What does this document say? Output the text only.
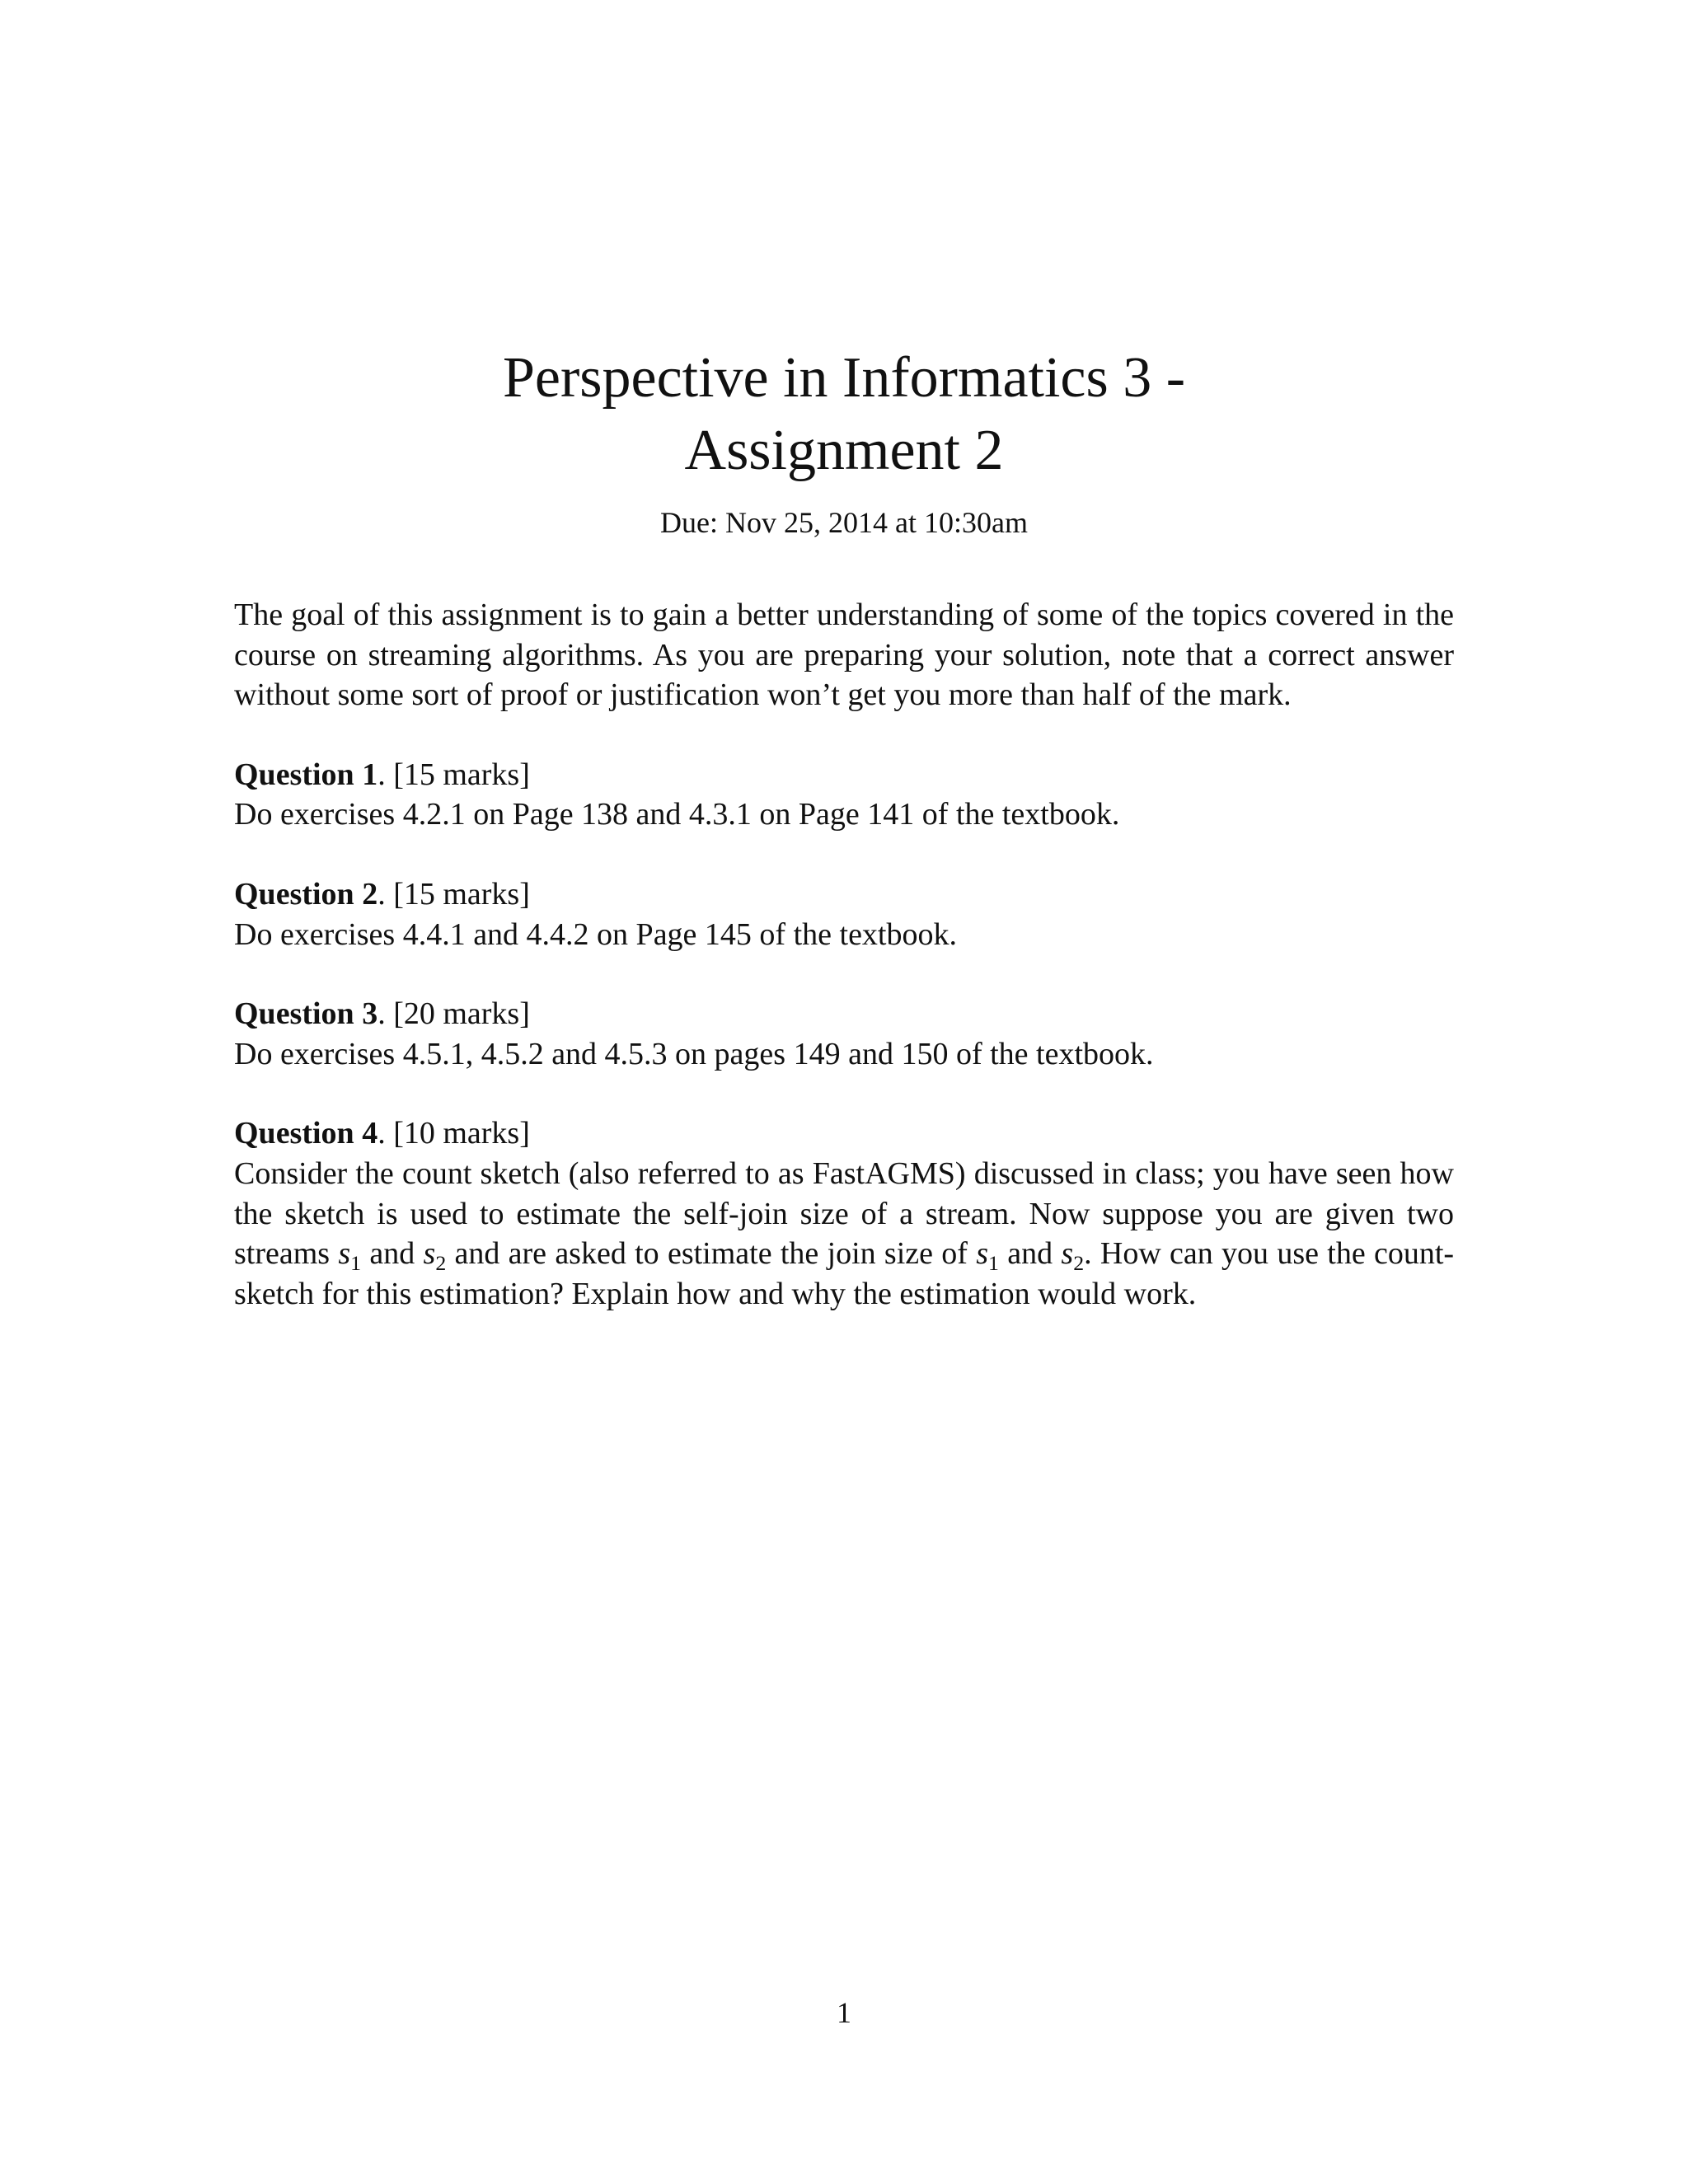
Perspective in Informatics 3 -
Assignment 2
Due: Nov 25, 2014 at 10:30am

The goal of this assignment is to gain a better understanding of some of the topics covered in the course on streaming algorithms. As you are preparing your solution, note that a correct answer without some sort of proof or justification won’t get you more than half of the mark.

Question 1. [15 marks]

Do exercises 4.2.1 on Page 138 and 4.3.1 on Page 141 of the textbook.

Question 2. [15 marks]

Do exercises 4.4.1 and 4.4.2 on Page 145 of the textbook.

Question 3. [20 marks]

Do exercises 4.5.1, 4.5.2 and 4.5.3 on pages 149 and 150 of the textbook.

Question 4. [10 marks]

Consider the count sketch (also referred to as FastAGMS) discussed in class; you have seen how the sketch is used to estimate the self-join size of a stream. Now suppose you are given two streams $s_1$ and $s_2$ and are asked to estimate the join size of $s_1$ and $s_2$. How can you use the count-sketch for this estimation? Explain how and why the estimation would work.

1
